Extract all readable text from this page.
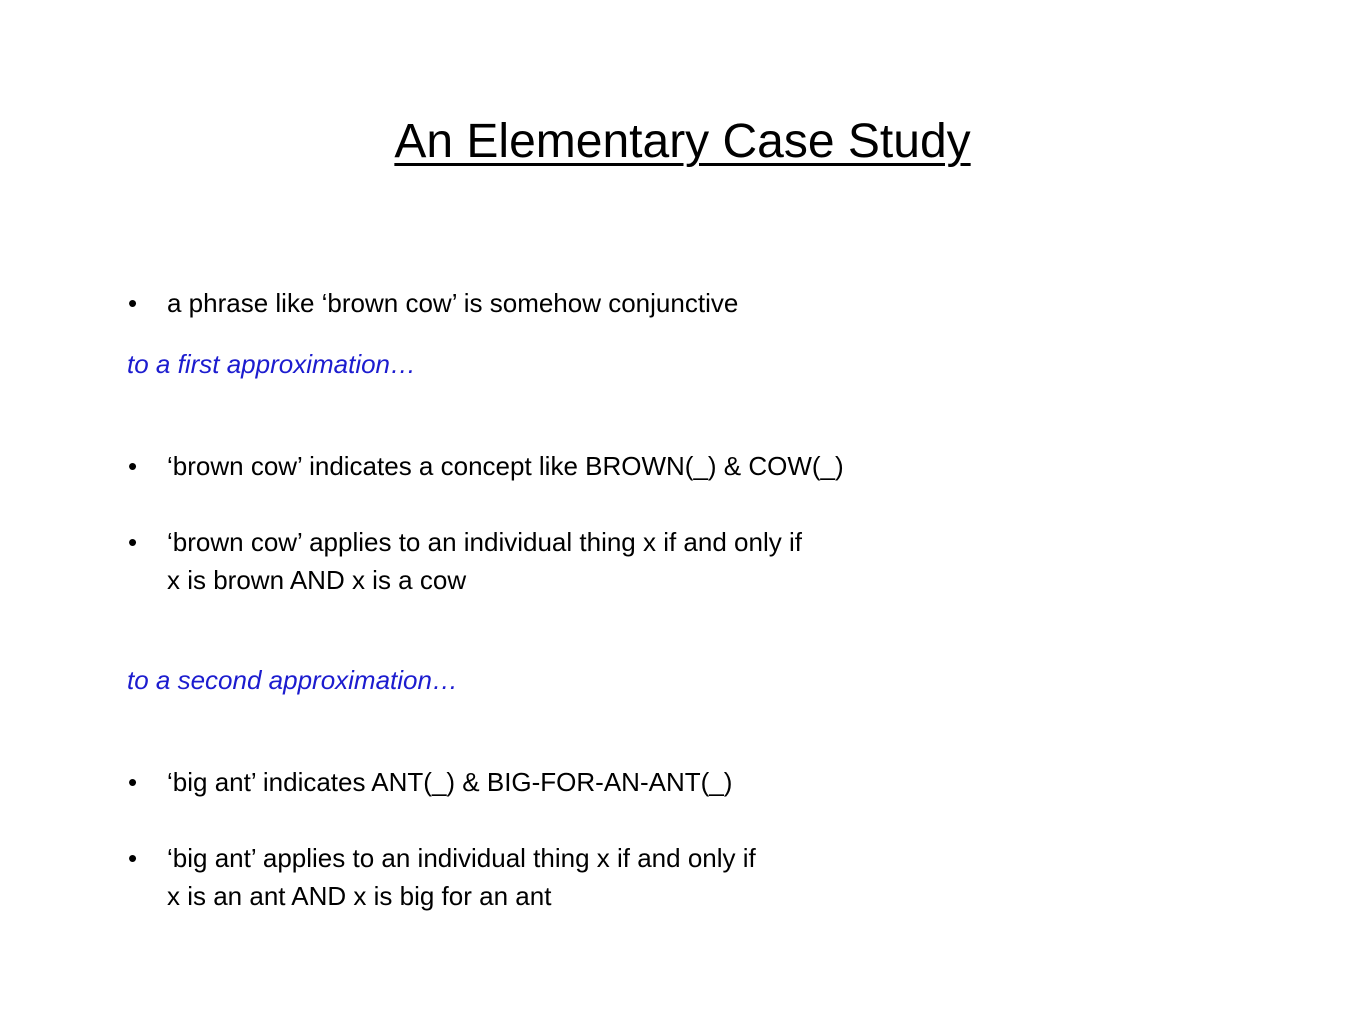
An Elementary Case Study
• a phrase like ‘brown cow’ is somehow conjunctive
to a first approximation…
• ‘brown cow’ indicates a concept like BROWN(_) & COW(_)
• ‘brown cow’ applies to an individual thing x if and only if
x is brown AND x is a cow
to a second approximation…
• ‘big ant’ indicates ANT(_) & BIG-FOR-AN-ANT(_)
• ‘big ant’ applies to an individual thing x if and only if
x is an ant AND x is big for an ant
